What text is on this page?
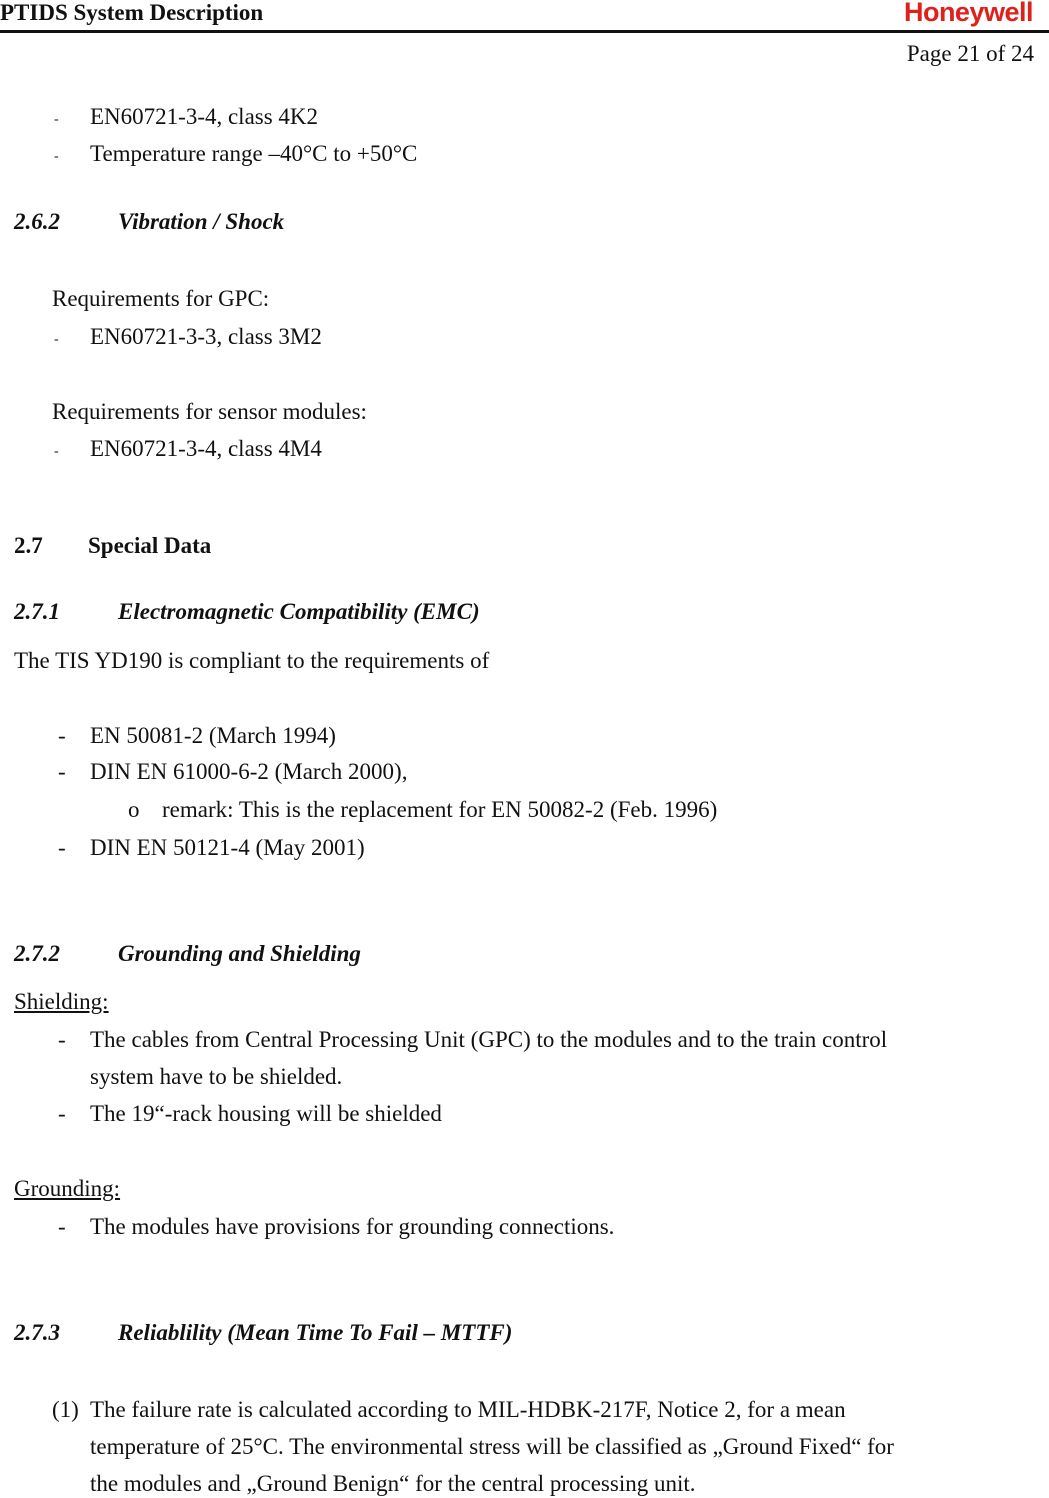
PTIDS System Description	Honeywell
Page 21 of 24
- EN60721-3-4, class 4K2
- Temperature range –40°C to +50°C
2.6.2	Vibration / Shock
Requirements for GPC:
- EN60721-3-3, class 3M2
Requirements for sensor modules:
- EN60721-3-4, class 4M4
2.7 Special Data
2.7.1	Electromagnetic Compatibility (EMC)
The TIS YD190 is compliant to the requirements of
- EN 50081-2 (March 1994)
- DIN EN 61000-6-2 (March 2000),
o remark: This is the replacement for EN 50082-2 (Feb. 1996)
- DIN EN 50121-4 (May 2001)
2.7.2	Grounding and Shielding
Shielding:
- The cables from Central Processing Unit (GPC) to the modules and to the train control
system have to be shielded.
- The 19“-rack housing will be shielded
Grounding:
- The modules have provisions for grounding connections.
2.7.3	Reliablility (Mean Time To Fail – MTTF)
(1) The failure rate is calculated according to MIL-HDBK-217F, Notice 2, for a mean
temperature of 25°C. The environmental stress will be classified as „Ground Fixed“ for
the modules and „Ground Benign“ for the central processing unit.
